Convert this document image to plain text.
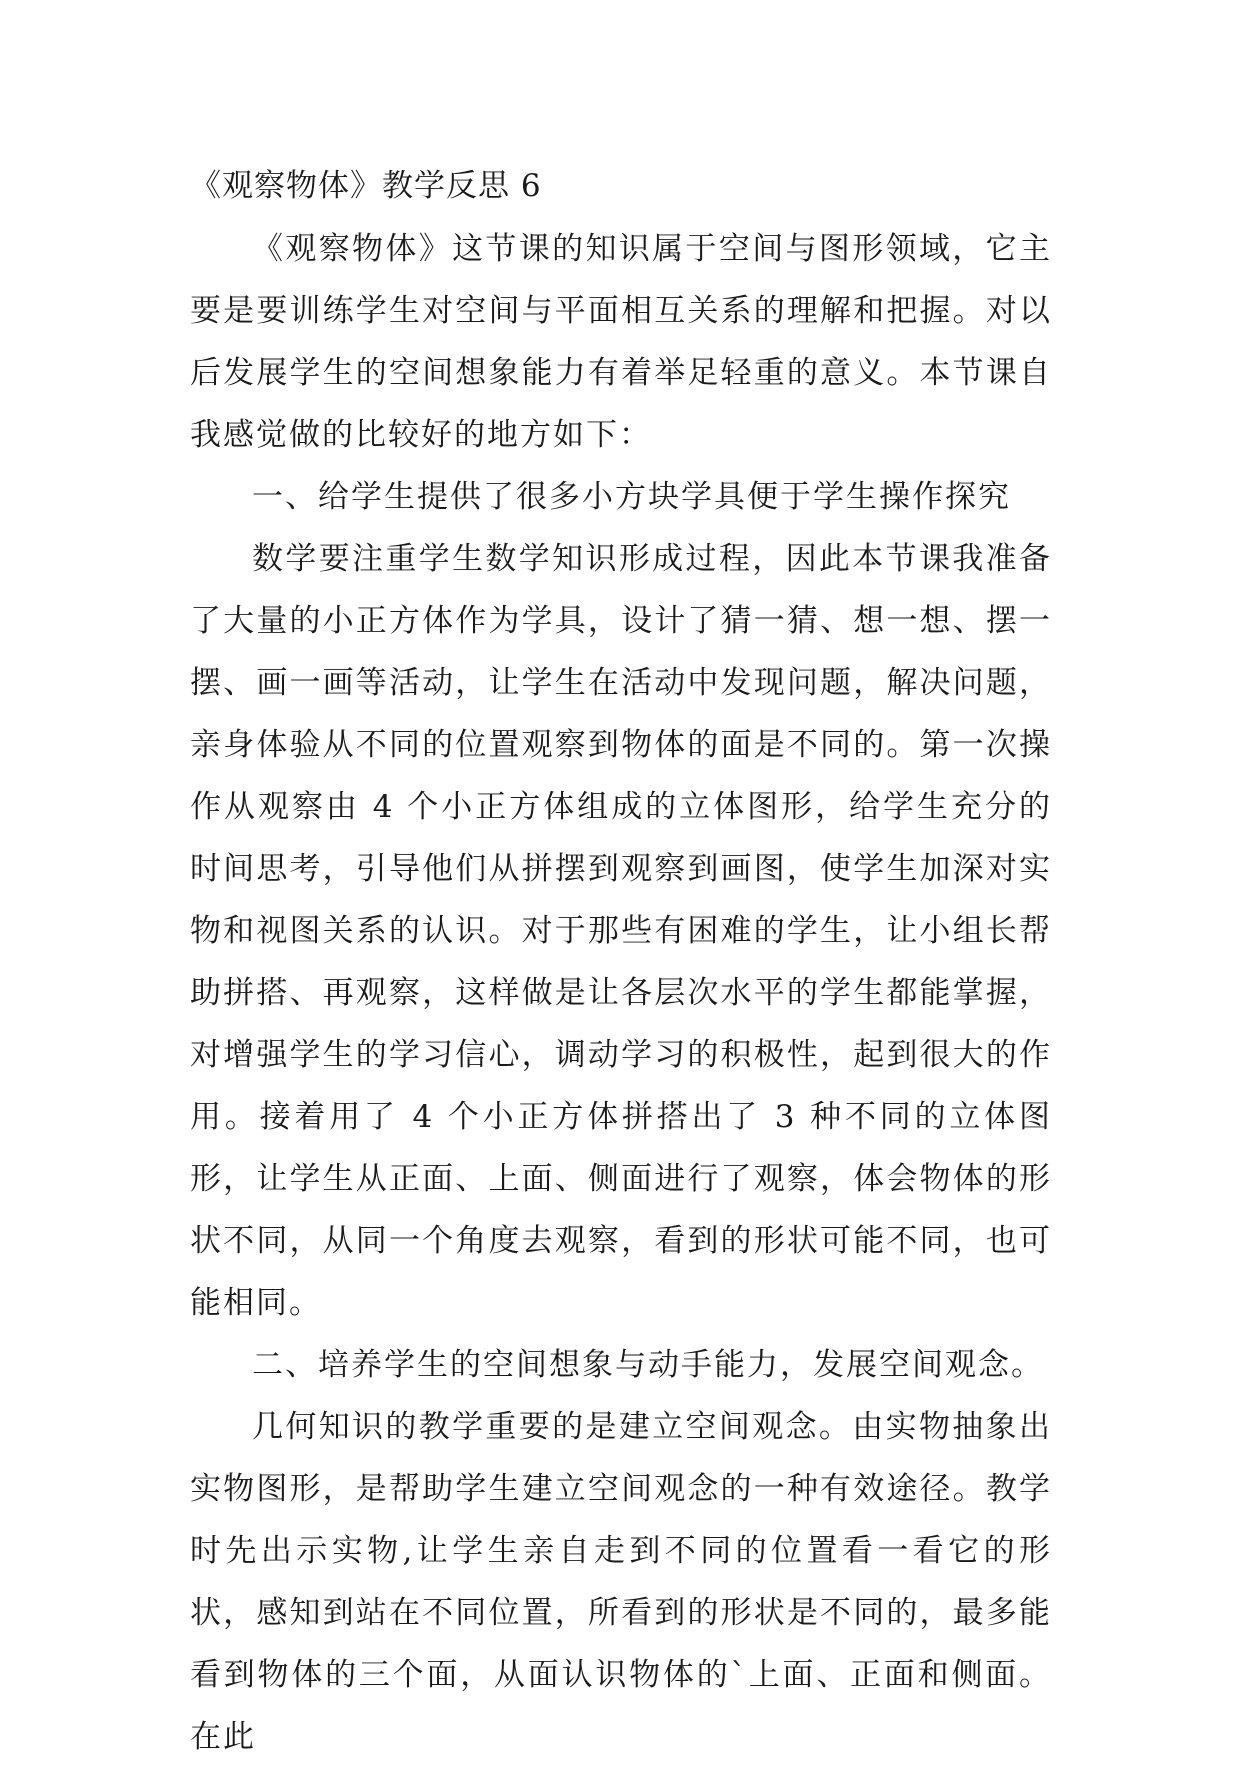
《观察物体》教学反思 6

《观察物体》这节课的知识属于空间与图形领域，它主要是要训练学生对空间与平面相互关系的理解和把握。对以后发展学生的空间想象能力有着举足轻重的意义。本节课自我感觉做的比较好的地方如下：

一、给学生提供了很多小方块学具便于学生操作探究

数学要注重学生数学知识形成过程，因此本节课我准备了大量的小正方体作为学具，设计了猜一猜、想一想、摆一摆、画一画等活动，让学生在活动中发现问题，解决问题，亲身体验从不同的位置观察到物体的面是不同的。第一次操作从观察由 4 个小正方体组成的立体图形，给学生充分的时间思考，引导他们从拼摆到观察到画图，使学生加深对实物和视图关系的认识。对于那些有困难的学生，让小组长帮助拼搭、再观察，这样做是让各层次水平的学生都能掌握，对增强学生的学习信心，调动学习的积极性，起到很大的作用。接着用了 4 个小正方体拼搭出了 3 种不同的立体图形，让学生从正面、上面、侧面进行了观察，体会物体的形状不同，从同一个角度去观察，看到的形状可能不同，也可能相同。

二、培养学生的空间想象与动手能力，发展空间观念。

几何知识的教学重要的是建立空间观念。由实物抽象出实物图形，是帮助学生建立空间观念的一种有效途径。教学时先出示实物,让学生亲自走到不同的位置看一看它的形状，感知到站在不同位置，所看到的形状是不同的，最多能看到物体的三个面，从面认识物体的`上面、正面和侧面。在此
